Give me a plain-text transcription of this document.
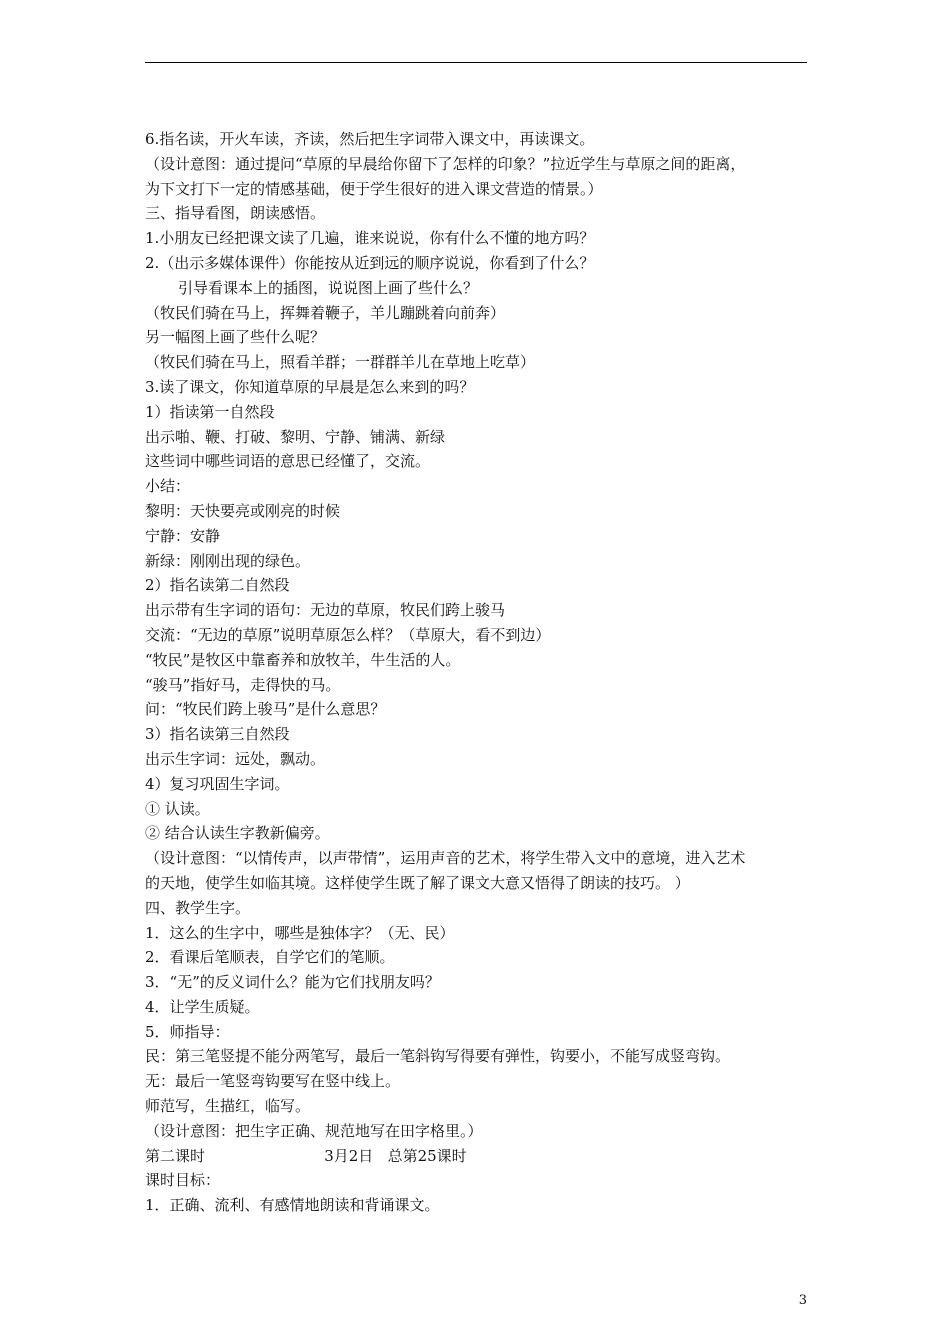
6.指名读，开火车读，齐读，然后把生字词带入课文中，再读课文。
（设计意图：通过提问“草原的早晨给你留下了怎样的印象？”拉近学生与草原之间的距离，
为下文打下一定的情感基础，便于学生很好的进入课文营造的情景。）
三、指导看图，朗读感悟。
1.小朋友已经把课文读了几遍，谁来说说，你有什么不懂的地方吗？
2.（出示多媒体课件）你能按从近到远的顺序说说，你看到了什么？
引导看课本上的插图，说说图上画了些什么？
（牧民们骑在马上，挥舞着鞭子，羊儿蹦跳着向前奔）
另一幅图上画了些什么呢？
（牧民们骑在马上，照看羊群；一群群羊儿在草地上吃草）
3.读了课文，你知道草原的早晨是怎么来到的吗？
1）指读第一自然段
出示啪、鞭、打破、黎明、宁静、铺满、新绿
这些词中哪些词语的意思已经懂了，交流。
小结：
黎明：天快要亮或刚亮的时候
宁静：安静
新绿：刚刚出现的绿色。
2）指名读第二自然段
出示带有生字词的语句：无边的草原，牧民们跨上骏马
交流：“无边的草原”说明草原怎么样？（草原大，看不到边）
“牧民”是牧区中靠畜养和放牧羊，牛生活的人。
“骏马”指好马，走得快的马。
问：“牧民们跨上骏马”是什么意思？
3）指名读第三自然段
出示生字词：远处，飘动。
4）复习巩固生字词。
① 认读。
② 结合认读生字教新偏旁。
（设计意图：“以情传声，以声带情”，运用声音的艺术，将学生带入文中的意境，进入艺术
的天地，使学生如临其境。这样使学生既了解了课文大意又悟得了朗读的技巧。 ）
四、教学生字。
1．这么的生字中，哪些是独体字？（无、民）
2．看课后笔顺表，自学它们的笔顺。
3．“无”的反义词什么？能为它们找朋友吗？
4．让学生质疑。
5．师指导：
民：第三笔竖提不能分两笔写，最后一笔斜钩写得要有弹性，钩要小，不能写成竖弯钩。
无：最后一笔竖弯钩要写在竖中线上。
师范写，生描红，临写。
（设计意图：把生字正确、规范地写在田字格里。）
第二课时                         3月2日   总第25课时
课时目标：
1．正确、流利、有感情地朗读和背诵课文。
3
